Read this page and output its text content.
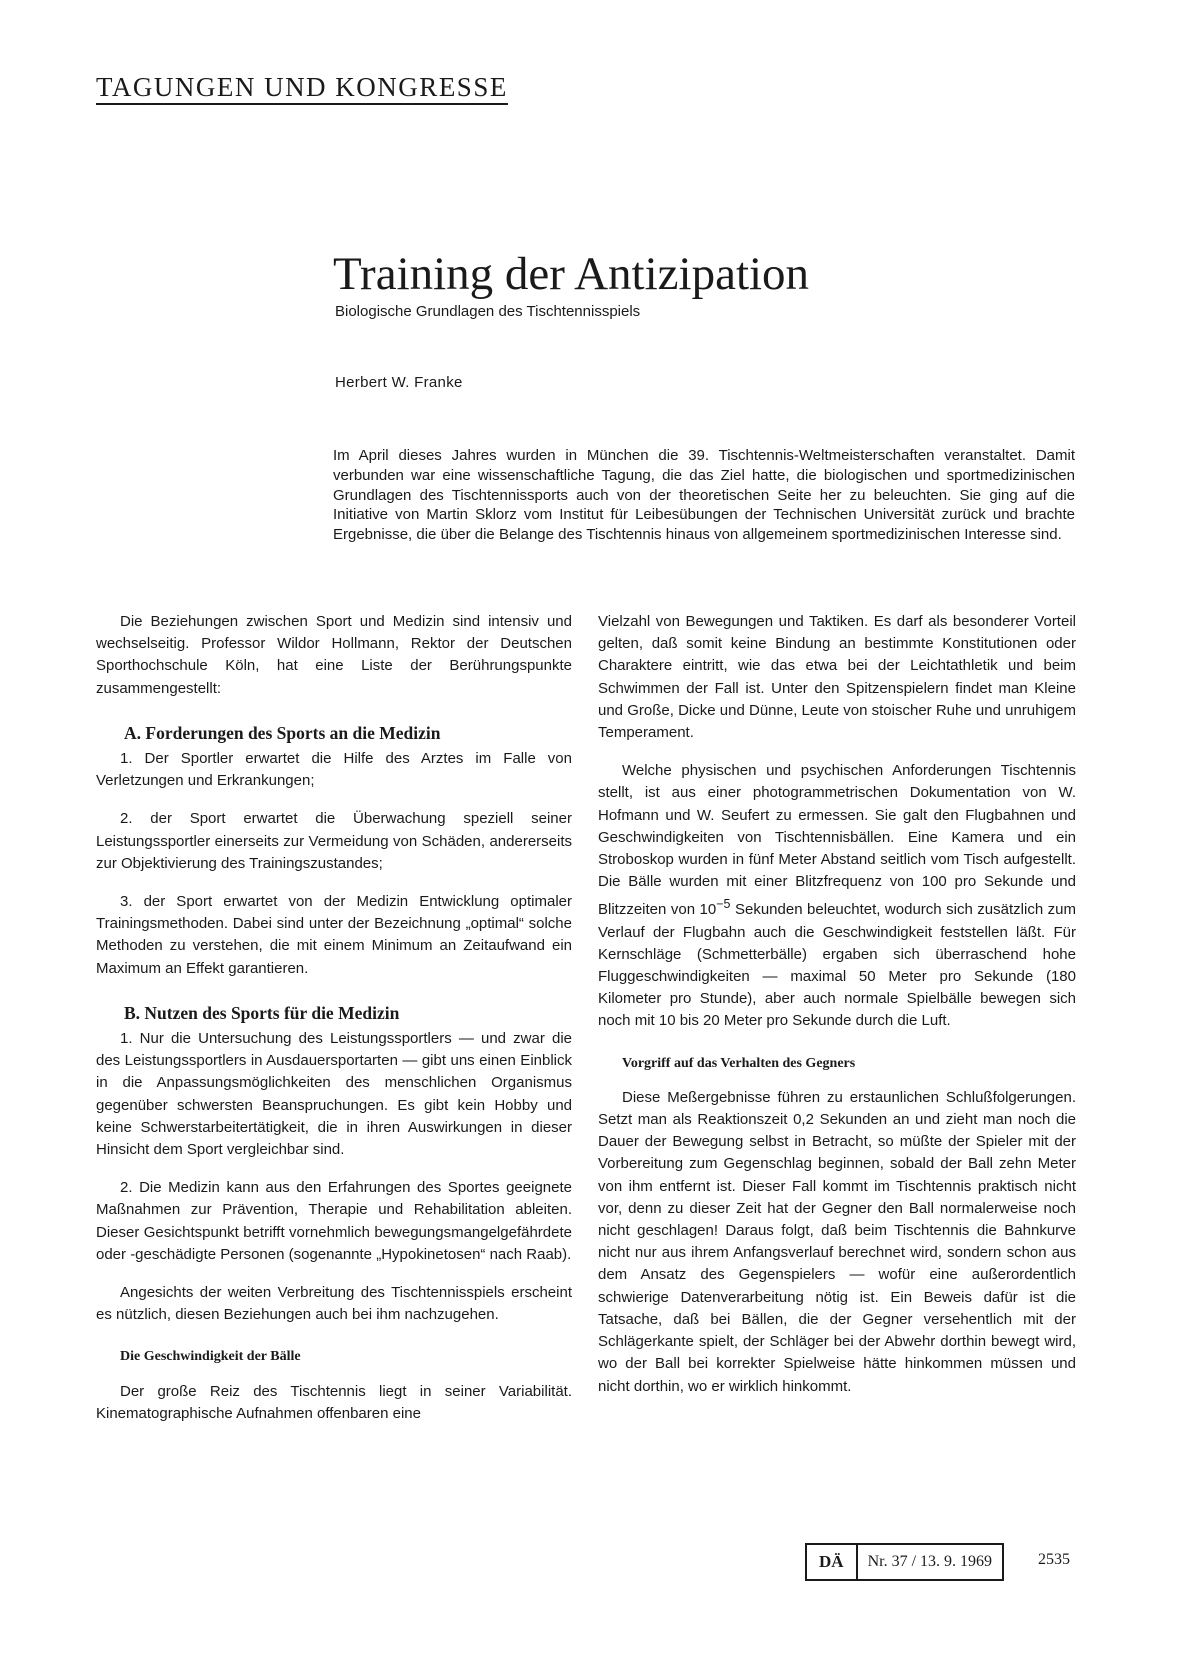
TAGUNGEN UND KONGRESSE
Training der Antizipation
Biologische Grundlagen des Tischtennisspiels
Herbert W. Franke

Im April dieses Jahres wurden in München die 39. Tischtennis-Weltmeisterschaften veranstaltet. Damit verbunden war eine wissenschaftliche Tagung, die das Ziel hatte, die biologischen und sportmedizinischen Grundlagen des Tischtennissports auch von der theoretischen Seite her zu beleuchten. Sie ging auf die Initiative von Martin Sklorz vom Institut für Leibesübungen der Technischen Universität zurück und brachte Ergebnisse, die über die Belange des Tischtennis hinaus von allgemeinem sportmedizinischen Interesse sind.

Die Beziehungen zwischen Sport und Medizin sind intensiv und wechselseitig. Professor Wildor Hollmann, Rektor der Deutschen Sporthochschule Köln, hat eine Liste der Berührungspunkte zusammengestellt:

A. Forderungen des Sports an die Medizin

1. Der Sportler erwartet die Hilfe des Arztes im Falle von Verletzungen und Erkrankungen;

2. der Sport erwartet die Überwachung speziell seiner Leistungssportler einerseits zur Vermeidung von Schäden, andererseits zur Objektivierung des Trainingszustandes;

3. der Sport erwartet von der Medizin Entwicklung optimaler Trainingsmethoden. Dabei sind unter der Bezeichnung „optimal“ solche Methoden zu verstehen, die mit einem Minimum an Zeitaufwand ein Maximum an Effekt garantieren.

B. Nutzen des Sports für die Medizin

1. Nur die Untersuchung des Leistungssportlers — und zwar die des Leistungssportlers in Ausdauersportarten — gibt uns einen Einblick in die Anpassungsmöglichkeiten des menschlichen Organismus gegenüber schwersten Beanspruchungen. Es gibt kein Hobby und keine Schwerstarbeitertätigkeit, die in ihren Auswirkungen in dieser Hinsicht dem Sport vergleichbar sind.

2. Die Medizin kann aus den Erfahrungen des Sportes geeignete Maßnahmen zur Prävention, Therapie und Rehabilitation ableiten. Dieser Gesichtspunkt betrifft vornehmlich bewegungsmangelgefährdete oder -geschädigte Personen (sogenannte „Hypokinetosen“ nach Raab).

Angesichts der weiten Verbreitung des Tischtennisspiels erscheint es nützlich, diesen Beziehungen auch bei ihm nachzugehen.

Die Geschwindigkeit der Bälle

Der große Reiz des Tischtennis liegt in seiner Variabilität. Kinematographische Aufnahmen offenbaren eine

Vielzahl von Bewegungen und Taktiken. Es darf als besonderer Vorteil gelten, daß somit keine Bindung an bestimmte Konstitutionen oder Charaktere eintritt, wie das etwa bei der Leichtathletik und beim Schwimmen der Fall ist. Unter den Spitzenspielern findet man Kleine und Große, Dicke und Dünne, Leute von stoischer Ruhe und unruhigem Temperament.

Welche physischen und psychischen Anforderungen Tischtennis stellt, ist aus einer photogrammetrischen Dokumentation von W. Hofmann und W. Seufert zu ermessen. Sie galt den Flugbahnen und Geschwindigkeiten von Tischtennisbällen. Eine Kamera und ein Stroboskop wurden in fünf Meter Abstand seitlich vom Tisch aufgestellt. Die Bälle wurden mit einer Blitzfrequenz von 100 pro Sekunde und Blitzzeiten von $10^{-5}$ Sekunden beleuchtet, wodurch sich zusätzlich zum Verlauf der Flugbahn auch die Geschwindigkeit feststellen läßt. Für Kernschläge (Schmetterbälle) ergaben sich überraschend hohe Fluggeschwindigkeiten — maximal 50 Meter pro Sekunde (180 Kilometer pro Stunde), aber auch normale Spielbälle bewegen sich noch mit 10 bis 20 Meter pro Sekunde durch die Luft.

Vorgriff auf das Verhalten des Gegners

Diese Meßergebnisse führen zu erstaunlichen Schlußfolgerungen. Setzt man als Reaktionszeit 0,2 Sekunden an und zieht man noch die Dauer der Bewegung selbst in Betracht, so müßte der Spieler mit der Vorbereitung zum Gegenschlag beginnen, sobald der Ball zehn Meter von ihm entfernt ist. Dieser Fall kommt im Tischtennis praktisch nicht vor, denn zu dieser Zeit hat der Gegner den Ball normalerweise noch nicht geschlagen! Daraus folgt, daß beim Tischtennis die Bahnkurve nicht nur aus ihrem Anfangsverlauf berechnet wird, sondern schon aus dem Ansatz des Gegenspielers — wofür eine außerordentlich schwierige Datenverarbeitung nötig ist. Ein Beweis dafür ist die Tatsache, daß bei Bällen, die der Gegner versehentlich mit der Schlägerkante spielt, der Schläger bei der Abwehr dorthin bewegt wird, wo der Ball bei korrekter Spielweise hätte hinkommen müssen und nicht dorthin, wo er wirklich hinkommt.

DÄ	Nr. 37 / 13. 9. 1969	2535
